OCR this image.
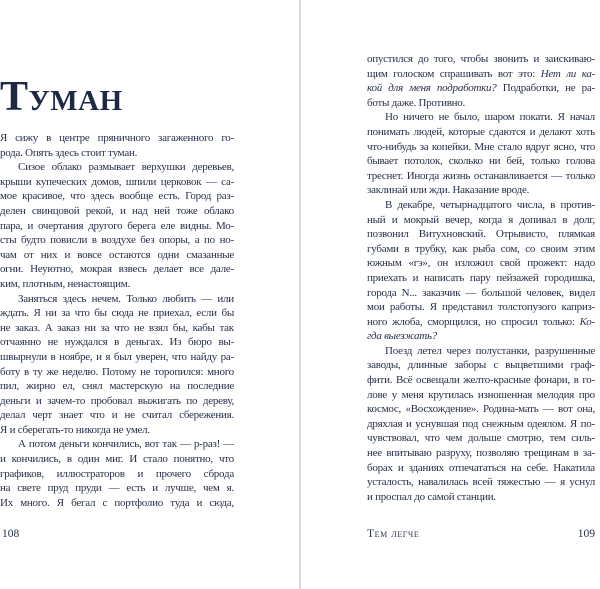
Туман
Я сижу в центре пряничного загаженного го-
рода. Опять здесь стоит туман.
Сизое облако размывает верхушки деревьев,
крыши купеческих домов, шпили церковок — са-
мое красивое, что здесь вообще есть. Город раз-
делен свинцовой рекой, и над ней тоже облако
пара, и очертания другого берега еле видны. Мо-
сты будто повисли в воздухе без опоры, а по но-
чам от них и вовсе остаются одни смазанные
огни. Неуютно, мокрая взвесь делает все дале-
ким, плотным, ненастоящим.
Заняться здесь нечем. Только любить — или
ждать. Я ни за что бы сюда не приехал, если бы
не заказ. А заказ ни за что не взял бы, кабы так
отчаянно не нуждался в деньгах. Из бюро вы-
швырнули в ноябре, и я был уверен, что найду ра-
боту в ту же неделю. Потому не торопился: много
пил, жирно ел, снял мастерскую на последние
деньги и зачем-то пробовал выжигать по дереву,
делал черт знает что и не считал сбережения.
Я и сберегать-то никогда не умел.
А потом деньги кончились, вот так — р-раз! —
и кончились, в один миг. И стало понятно, что
графиков, иллюстраторов и прочего сброда
на свете пруд пруди — есть и лучше, чем я.
Их много. Я бегал с портфолио туда и сюда,
опустился до того, чтобы звонить и заискиваю-
щим голоском спрашивать вот это: Нет ли ка-
кой для меня подработки? Подработки, не ра-
боты даже. Противно.
Но ничего не было, шаром покати. Я начал
понимать людей, которые сдаются и делают хоть
что-нибудь за копейки. Мне стало вдруг ясно, что
бывает потолок, сколько ни бей, только голова
треснет. Иногда жизнь останавливается — только
заклинай или жди. Наказание вроде.
В декабре, четырнадцатого числа, в против-
ный и мокрый вечер, когда я допивал в долг,
позвонил Витухновский. Отрывисто, плямкая
губами в трубку, как рыба сом, со своим этим
южным «гэ», он изложил свой прожект: надо
приехать и написать пару пейзажей городишка,
города N... заказчик — большой человек, видел
мои работы. Я представил толстопузого каприз-
ного жлоба, сморщился, но спросил только: Ко-
гда выезжать?
Поезд летел через полустанки, разрушенные
заводы, длинные заборы с выцветшими граф-
фити. Всё освещали желто-красные фонари, в го-
лове у меня крутилась изношенная мелодия про
космос, «Восхождение». Родина-мать — вот она,
дряхлая и уснувшая под снежным одеялом. Я по-
чувствовал, что чем дольше смотрю, тем силь-
нее впитываю разруху, позволяю трещинам в за-
борах и зданиях отпечататься на себе. Накатила
усталость, навалилась всей тяжестью — я уснул
и проспал до самой станции.
108	Тем легче	109
